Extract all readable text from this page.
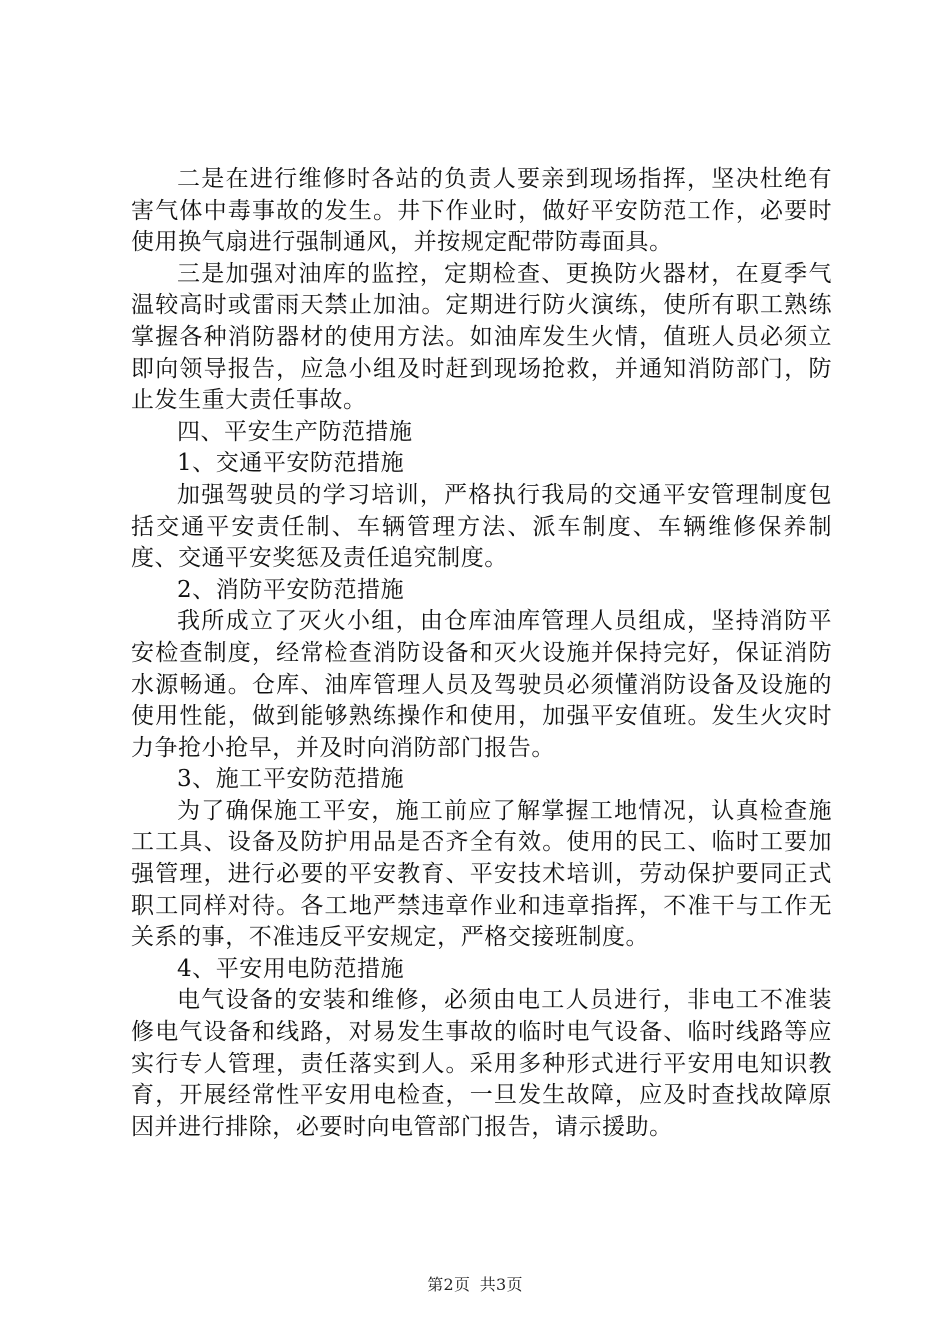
二是在进行维修时各站的负责人要亲到现场指挥，坚决杜绝有害气体中毒事故的发生。井下作业时，做好平安防范工作，必要时使用换气扇进行强制通风，并按规定配带防毒面具。

三是加强对油库的监控，定期检查、更换防火器材，在夏季气温较高时或雷雨天禁止加油。定期进行防火演练，使所有职工熟练掌握各种消防器材的使用方法。如油库发生火情，值班人员必须立即向领导报告，应急小组及时赶到现场抢救，并通知消防部门，防止发生重大责任事故。

四、平安生产防范措施

1、交通平安防范措施

加强驾驶员的学习培训，严格执行我局的交通平安管理制度包括交通平安责任制、车辆管理方法、派车制度、车辆维修保养制度、交通平安奖惩及责任追究制度。

2、消防平安防范措施

我所成立了灭火小组，由仓库油库管理人员组成，坚持消防平安检查制度，经常检查消防设备和灭火设施并保持完好，保证消防水源畅通。仓库、油库管理人员及驾驶员必须懂消防设备及设施的使用性能，做到能够熟练操作和使用，加强平安值班。发生火灾时力争抢小抢早，并及时向消防部门报告。

3、施工平安防范措施

为了确保施工平安，施工前应了解掌握工地情况，认真检查施工工具、设备及防护用品是否齐全有效。使用的民工、临时工要加强管理，进行必要的平安教育、平安技术培训，劳动保护要同正式职工同样对待。各工地严禁违章作业和违章指挥，不准干与工作无关系的事，不准违反平安规定，严格交接班制度。

4、平安用电防范措施

电气设备的安装和维修，必须由电工人员进行，非电工不准装修电气设备和线路，对易发生事故的临时电气设备、临时线路等应实行专人管理，责任落实到人。采用多种形式进行平安用电知识教育，开展经常性平安用电检查，一旦发生故障，应及时查找故障原因并进行排除，必要时向电管部门报告，请示援助。

第2页 共3页
